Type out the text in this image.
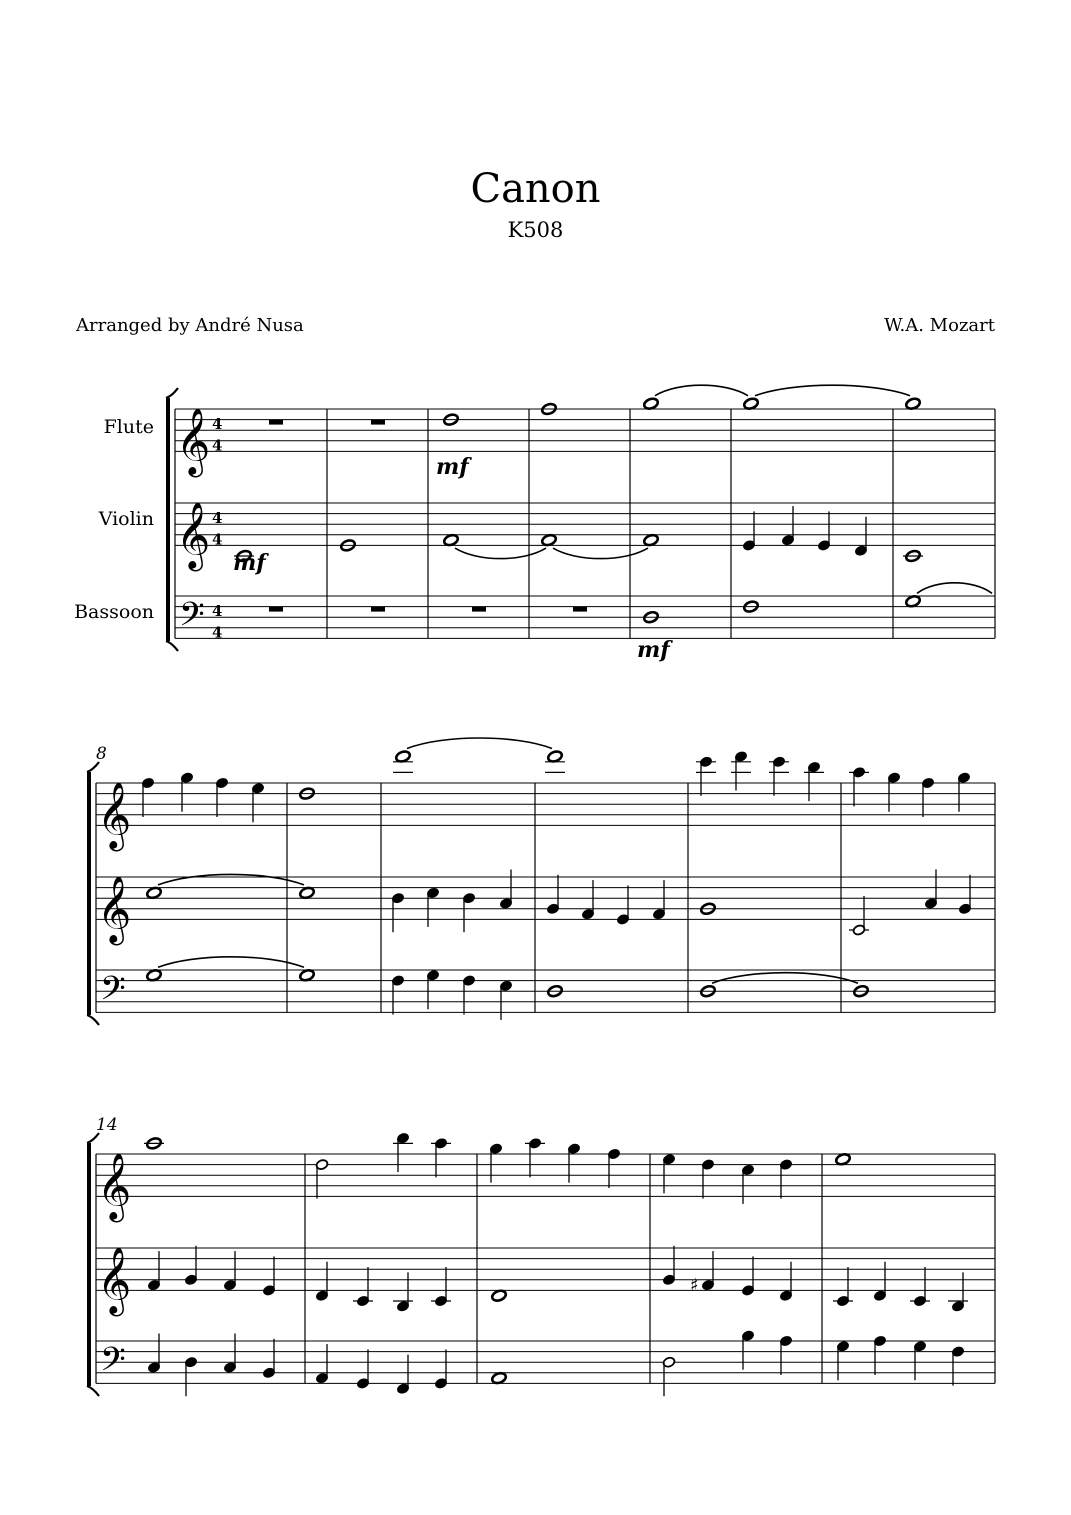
Canon
K508
Arranged by André Nusa	W.A. Mozart
Flute
Violin
Bassoon
8
14
𝄞
𝄞
𝄢
4
4
4
4
4
4
mf
mf
mf
𝄞
𝄞
𝄢
𝄞
𝄞
𝄢
♯
